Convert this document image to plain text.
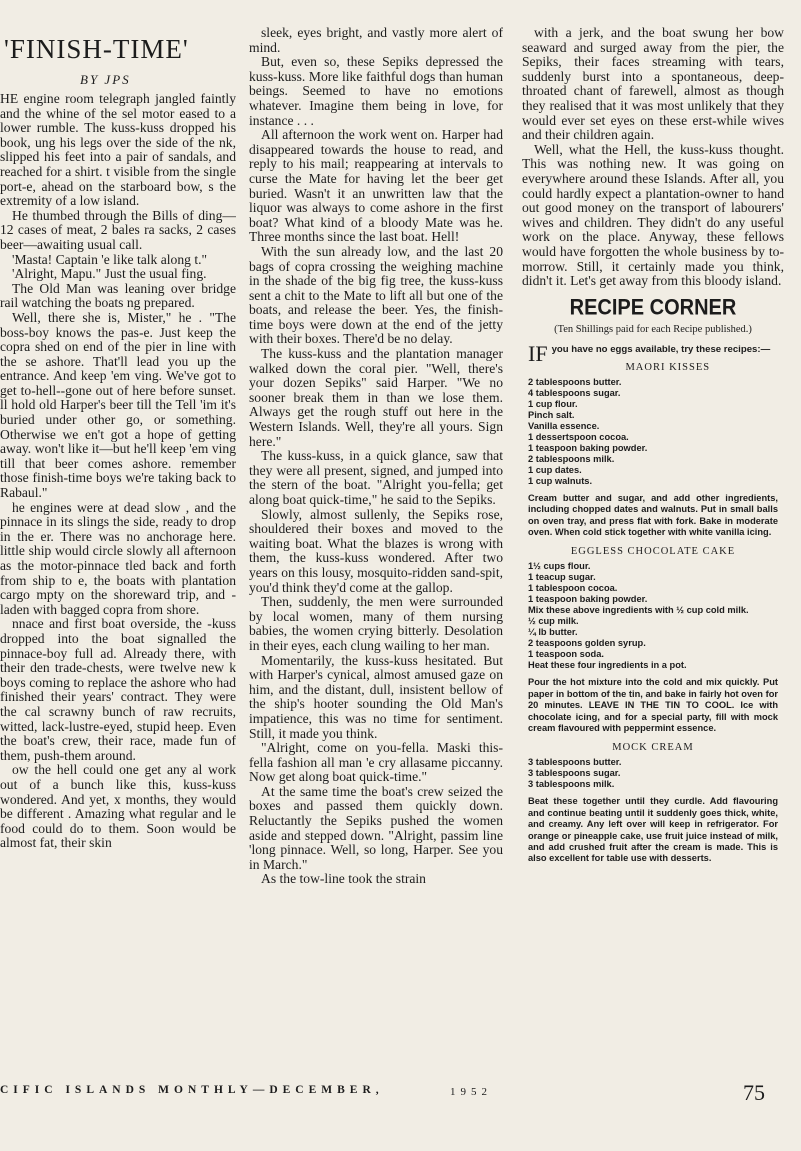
'FINISH-TIME'
BY JPS

HE engine room telegraph jangled faintly and the whine of the sel motor eased to a lower rumble. The kuss-kuss dropped his book, ung his legs over the side of the nk, slipped his feet into a pair of sandals, and reached for a shirt. t visible from the single port-e, ahead on the starboard bow, s the extremity of a low island.

He thumbed through the Bills of ding—12 cases of meat, 2 bales ra sacks, 2 cases beer—awaiting usual call.

'Masta! Captain 'e like talk along t."

'Alright, Mapu." Just the usual fing.

The Old Man was leaning over bridge rail watching the boats ng prepared.

Well, there she is, Mister," he . "The boss-boy knows the pas-e. Just keep the copra shed on end of the pier in line with the se ashore. That'll lead you up the entrance. And keep 'em ving. We've got to get to-hell--gone out of here before sunset. ll hold old Harper's beer till the Tell 'im it's buried under other go, or something. Otherwise we en't got a hope of getting away. won't like it—but he'll keep 'em ving till that beer comes ashore. remember those finish-time boys we're taking back to Rabaul."

he engines were at dead slow , and the pinnace in its slings the side, ready to drop in the er. There was no anchorage here. little ship would circle slowly all afternoon as the motor-pinnace tled back and forth from ship to e, the boats with plantation cargo mpty on the shoreward trip, and -laden with bagged copra from shore.

nnace and first boat overside, the -kuss dropped into the boat signalled the pinnace-boy full ad. Already there, with their den trade-chests, were twelve new k boys coming to replace the ashore who had finished their years' contract. They were the cal scrawny bunch of raw recruits, witted, lack-lustre-eyed, stupid heep. Even the boat's crew, their race, made fun of them, push-them around.

ow the hell could one get any al work out of a bunch like this, kuss-kuss wondered. And yet, x months, they would be different . Amazing what regular and le food could do to them. Soon would be almost fat, their skin

sleek, eyes bright, and vastly more alert of mind.

But, even so, these Sepiks depressed the kuss-kuss. More like faithful dogs than human beings. Seemed to have no emotions whatever. Imagine them being in love, for instance . . .

All afternoon the work went on. Harper had disappeared towards the house to read, and reply to his mail; reappearing at intervals to curse the Mate for having let the beer get buried. Wasn't it an unwritten law that the liquor was always to come ashore in the first boat? What kind of a bloody Mate was he. Three months since the last boat. Hell!

With the sun already low, and the last 20 bags of copra crossing the weighing machine in the shade of the big fig tree, the kuss-kuss sent a chit to the Mate to lift all but one of the boats, and release the beer. Yes, the finish-time boys were down at the end of the jetty with their boxes. There'd be no delay.

The kuss-kuss and the plantation manager walked down the coral pier. "Well, there's your dozen Sepiks" said Harper. "We no sooner break them in than we lose them. Always get the rough stuff out here in the Western Islands. Well, they're all yours. Sign here."

The kuss-kuss, in a quick glance, saw that they were all present, signed, and jumped into the stern of the boat. "Alright you-fella; get along boat quick-time," he said to the Sepiks.

Slowly, almost sullenly, the Sepiks rose, shouldered their boxes and moved to the waiting boat. What the blazes is wrong with them, the kuss-kuss wondered. After two years on this lousy, mosquito-ridden sand-spit, you'd think they'd come at the gallop.

Then, suddenly, the men were surrounded by local women, many of them nursing babies, the women crying bitterly. Desolation in their eyes, each clung wailing to her man.

Momentarily, the kuss-kuss hesitated. But with Harper's cynical, almost amused gaze on him, and the distant, dull, insistent bellow of the ship's hooter sounding the Old Man's impatience, this was no time for sentiment. Still, it made you think.

"Alright, come on you-fella. Maski this-fella fashion all man 'e cry allasame piccanny. Now get along boat quick-time."

At the same time the boat's crew seized the boxes and passed them quickly down. Reluctantly the Sepiks pushed the women aside and stepped down. "Alright, passim line 'long pinnace. Well, so long, Harper. See you in March."

As the tow-line took the strain

with a jerk, and the boat swung her bow seaward and surged away from the pier, the Sepiks, their faces streaming with tears, suddenly burst into a spontaneous, deep-throated chant of farewell, almost as though they realised that it was most unlikely that they would ever set eyes on these erst-while wives and their children again.

Well, what the Hell, the kuss-kuss thought. This was nothing new. It was going on everywhere around these Islands. After all, you could hardly expect a plantation-owner to hand out good money on the transport of labourers' wives and children. They didn't do any useful work on the place. Anyway, these fellows would have forgotten the whole business by to-morrow. Still, it certainly made you think, didn't it. Let's get away from this bloody island.

RECIPE CORNER
(Ten Shillings paid for each Recipe published.)
IF you have no eggs available, try these recipes:—
MAORI KISSES
2 tablespoons butter.
4 tablespoons sugar.
1 cup flour.
Pinch salt.
Vanilla essence.
1 dessertspoon cocoa.
1 teaspoon baking powder.
2 tablespoons milk.
1 cup dates.
1 cup walnuts.

Cream butter and sugar, and add other ingredients, including chopped dates and walnuts. Put in small balls on oven tray, and press flat with fork. Bake in moderate oven. When cold stick together with white vanilla icing.

EGGLESS CHOCOLATE CAKE
1½ cups flour.
1 teacup sugar.
1 tablespoon cocoa.
1 teaspoon baking powder.
Mix these above ingredients with ½ cup cold milk.
½ cup milk.
¼ lb butter.
2 teaspoons golden syrup.
1 teaspoon soda.
Heat these four ingredients in a pot.

Pour the hot mixture into the cold and mix quickly. Put paper in bottom of the tin, and bake in fairly hot oven for 20 minutes. LEAVE IN THE TIN TO COOL. Ice with chocolate icing, and for a special party, fill with mock cream flavoured with peppermint essence.

MOCK CREAM
3 tablespoons butter.
3 tablespoons sugar.
3 tablespoons milk.

Beat these together until they curdle. Add flavouring and continue beating until it suddenly goes thick, white, and creamy. Any left over will keep in refrigerator. For orange or pineapple cake, use fruit juice instead of milk, and add crushed fruit after the cream is made. This is also excellent for table use with desserts.

CIFIC ISLANDS MONTHLY—DECEMBER,	1952	75
